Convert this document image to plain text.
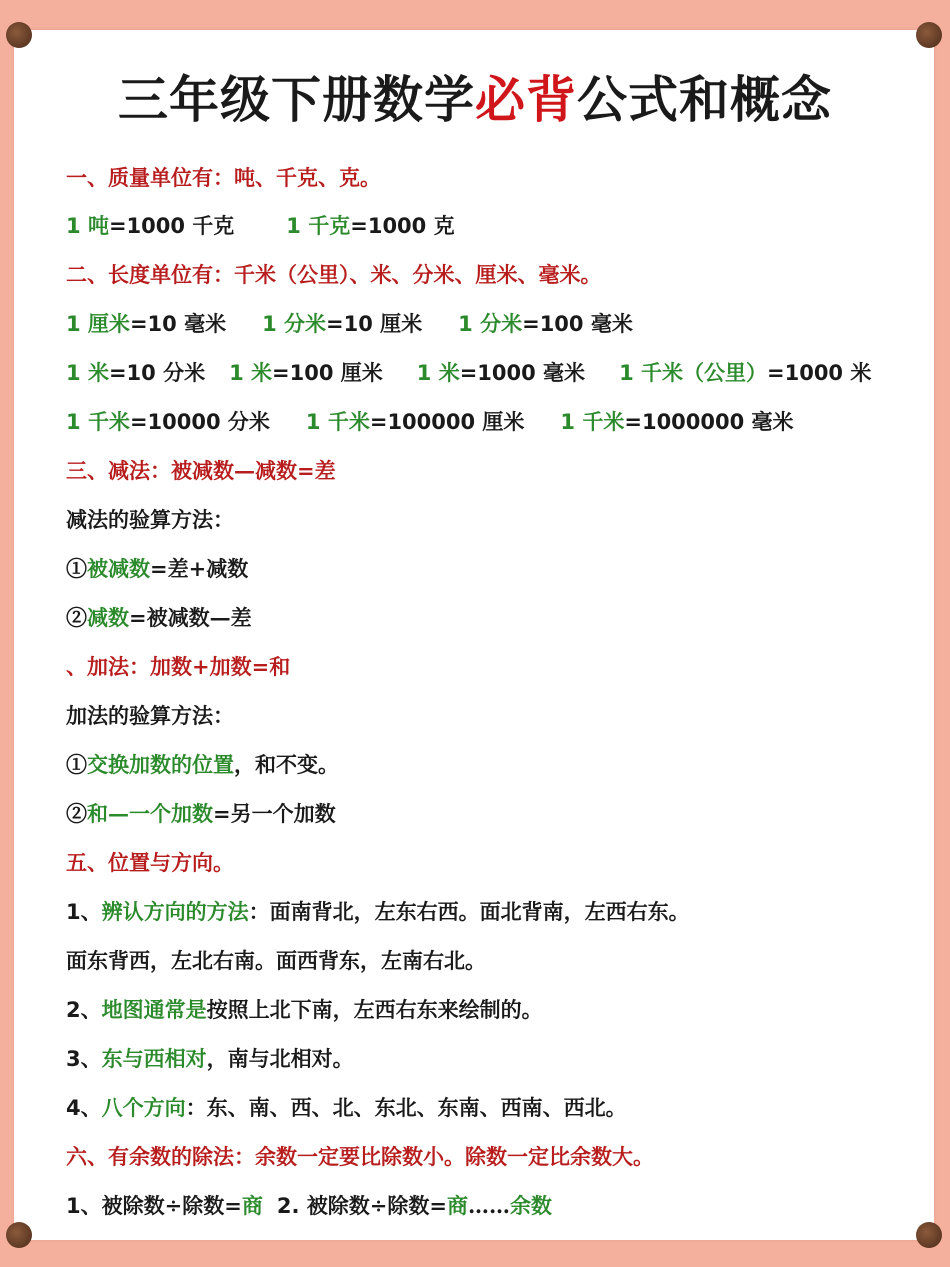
三年级下册数学必背公式和概念
一、质量单位有：吨、千克、克。
1 吨=1000 千克 1 千克=1000 克
二、长度单位有：千米（公里）、米、分米、厘米、毫米。
1 厘米=10 毫米 1 分米=10 厘米 1 分米=100 毫米
1 米=10 分米 1 米=100 厘米 1 米=1000 毫米 1 千米（公里）=1000 米
1 千米=10000 分米 1 千米=100000 厘米 1 千米=1000000 毫米
三、减法：被减数—减数=差
减法的验算方法：
①被减数=差+减数
②减数=被减数—差
、加法：加数+加数=和
加法的验算方法：
①交换加数的位置，和不变。
②和—一个加数=另一个加数
五、位置与方向。
1、辨认方向的方法：面南背北，左东右西。面北背南，左西右东。
面东背西，左北右南。面西背东，左南右北。
2、地图通常是按照上北下南，左西右东来绘制的。
3、东与西相对，南与北相对。
4、八个方向：东、南、西、北、东北、东南、西南、西北。
六、有余数的除法：余数一定要比除数小。除数一定比余数大。
1、被除数÷除数=商 2. 被除数÷除数=商……余数
